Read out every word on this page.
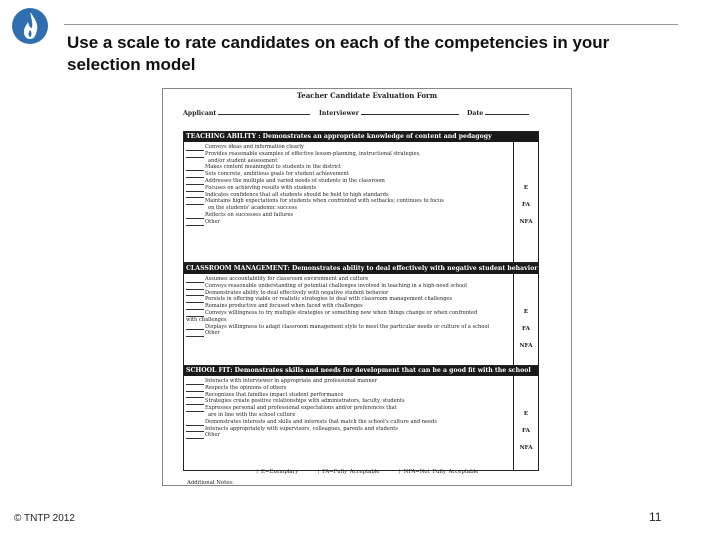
Use a scale to rate candidates on each of the competencies in your selection model
Teacher Candidate Evaluation Form
Applicant	Interviewer	Date
TEACHING ABILITY : Demonstrates an appropriate knowledge of content and pedagogy
Conveys ideas and information clearly
Provides reasonable examples of effective lesson-planning, instructional strategies,
and/or student assessment
Makes content meaningful to students in the district
Sets concrete, ambitious goals for student achievement
Addresses the multiple and varied needs of students in the classroom
Focuses on achieving results with students
Indicates confidence that all students should be held to high standards
Maintains high expectations for students when confronted with setbacks; continues to focus
on the students' academic success
Reflects on successes and failures
Other
E
FA
NFA
CLASSROOM MANAGEMENT: Demonstrates ability to deal effectively with negative student behavior
Assumes accountability for classroom environment and culture
Conveys reasonable understanding of potential challenges involved in teaching in a high-need school
Demonstrates ability to deal effectively with negative student behavior
Persists in offering viable or realistic strategies to deal with classroom management challenges
Remains productive and focused when faced with challenges
Conveys willingness to try multiple strategies or something new when things change or when confronted
with challenges
Displays willingness to adapt classroom management style to meet the particular needs or culture of a school
Other
E
FA
NFA
SCHOOL FIT: Demonstrates skills and needs for development that can be a good fit with the school
Interacts with interviewer in appropriate and professional manner
Respects the opinions of others
Recognizes that families impact student performance
Strategies create positive relationships with administrators, faculty, students
Expresses personal and professional expectations and/or preferences that
are in line with the school culture
Demonstrates interests and skills and interests that match the school's culture and needs
Interacts appropriately with supervisors, colleagues, parents and students
Other
E
FA
NFA
† E=Exemplary	† FA=Fully Acceptable	† NFA=Not Fully Acceptable
Additional Notes:
© TNTP 2012	11
